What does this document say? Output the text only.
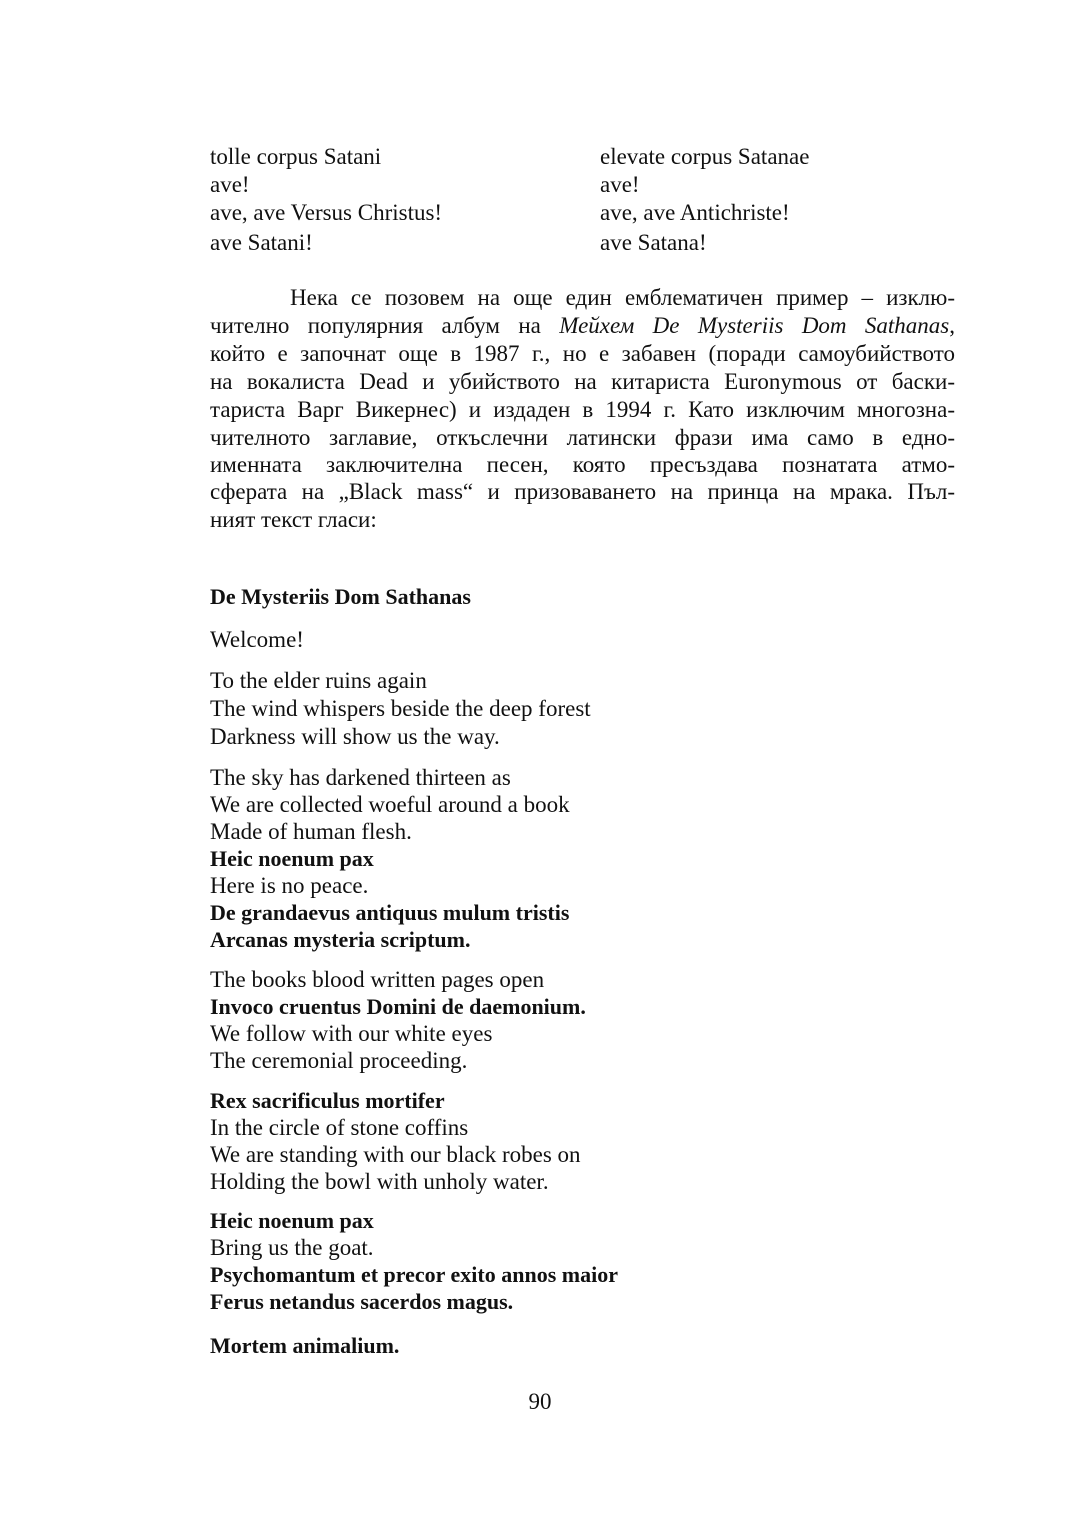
tolle corpus Satani
ave!
ave, ave Versus Christus!
ave Satani!
elevate corpus Satanae
ave!
ave, ave Antichriste!
ave Satana!
Нека се позовем на още един емблематичен пример – изклю-
чително популярния албум на Мейхем De Mysteriis Dom Sathanas,
който е започнат още в 1987 г., но е забавен (поради самоубийството
на вокалиста Dead и убийството на китариста Euronymous от баски-
тариста Варг Викернес) и издаден в 1994 г. Като изключим многозна-
чителното заглавие, откъслечни латински фрази има само в едно-
именната заключителна песен, която пресъздава познатата атмо-
сферата на „Black mass“ и призоваването на принца на мрака. Пъл-
ният текст гласи:
De Mysteriis Dom Sathanas
Welcome!
To the elder ruins again
The wind whispers beside the deep forest
Darkness will show us the way.
The sky has darkened thirteen as
We are collected woeful around a book
Made of human flesh.
Heic noenum pax
Here is no peace.
De grandaevus antiquus mulum tristis
Arcanas mysteria scriptum.
The books blood written pages open
Invoco cruentus Domini de daemonium.
We follow with our white eyes
The ceremonial proceeding.
Rex sacrificulus mortifer
In the circle of stone coffins
We are standing with our black robes on
Holding the bowl with unholy water.
Heic noenum pax
Bring us the goat.
Psychomantum et precor exito annos maior
Ferus netandus sacerdos magus.
Mortem animalium.
90
